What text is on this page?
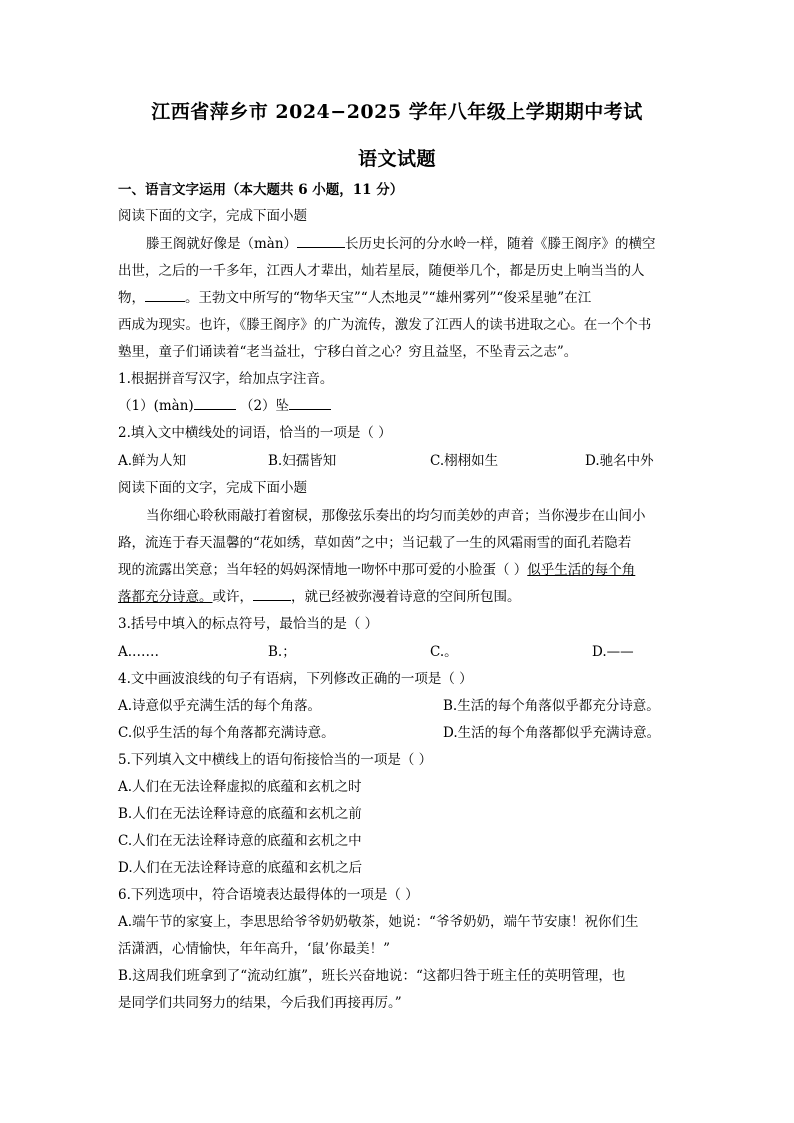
江西省萍乡市 2024−2025 学年八年级上学期期中考试
语文试题
一、语言文字运用（本大题共 6 小题，11 分）
阅读下面的文字，完成下面小题
滕王阁就好像是（màn）	长历史长河的分水岭一样，随着《滕王阁序》的横空
出世，之后的一千多年，江西人才辈出，灿若星辰，随便举几个，都是历史上响当当的人
物，	。王勃文中所写的“物华天宝”“人杰地灵”“雄州雾列”“俊采星驰”在江
西成为现实。也许，《滕王阁序》的广为流传，激发了江西人的读书进取之心。在一个个书
塾里，童子们诵读着“老当益壮，宁移白首之心？穷且益坚，不坠青云之志”。
1.根据拼音写汉字，给加点字注音。
（1）(màn)	（2）坠
2.填入文中横线处的词语，恰当的一项是（ ）
A.鲜为人知	B.妇孺皆知	C.栩栩如生	D.驰名中外
阅读下面的文字，完成下面小题
当你细心聆秋雨敲打着窗棂，那像弦乐奏出的均匀而美妙的声音；当你漫步在山间小
路，流连于春天温馨的“花如绣，草如茵”之中；当记载了一生的风霜雨雪的面孔若隐若
现的流露出笑意；当年轻的妈妈深情地一吻怀中那可爱的小脸蛋（ ）似乎生活的每个角
落都充分诗意。或许，	，就已经被弥漫着诗意的空间所包围。
3.括号中填入的标点符号，最恰当的是（ ）
A.……	B.；	C.。	D.——
4.文中画波浪线的句子有语病，下列修改正确的一项是（ ）
A.诗意似乎充满生活的每个角落。	B.生活的每个角落似乎都充分诗意。
C.似乎生活的每个角落都充满诗意。	D.生活的每个角落都似乎充满诗意。
5.下列填入文中横线上的语句衔接恰当的一项是（ ）
A.人们在无法诠释虚拟的底蕴和玄机之时
B.人们在无法诠释诗意的底蕴和玄机之前
C.人们在无法诠释诗意的底蕴和玄机之中
D.人们在无法诠释诗意的底蕴和玄机之后
6.下列选项中，符合语境表达最得体的一项是（ ）
A.端午节的家宴上，李思思给爷爷奶奶敬茶，她说：“爷爷奶奶，端午节安康！祝你们生
活潇洒，心情愉快，年年高升，‘鼠’你最美！”
B.这周我们班拿到了“流动红旗”，班长兴奋地说：“这都归咎于班主任的英明管理，也
是同学们共同努力的结果，今后我们再接再厉。”
